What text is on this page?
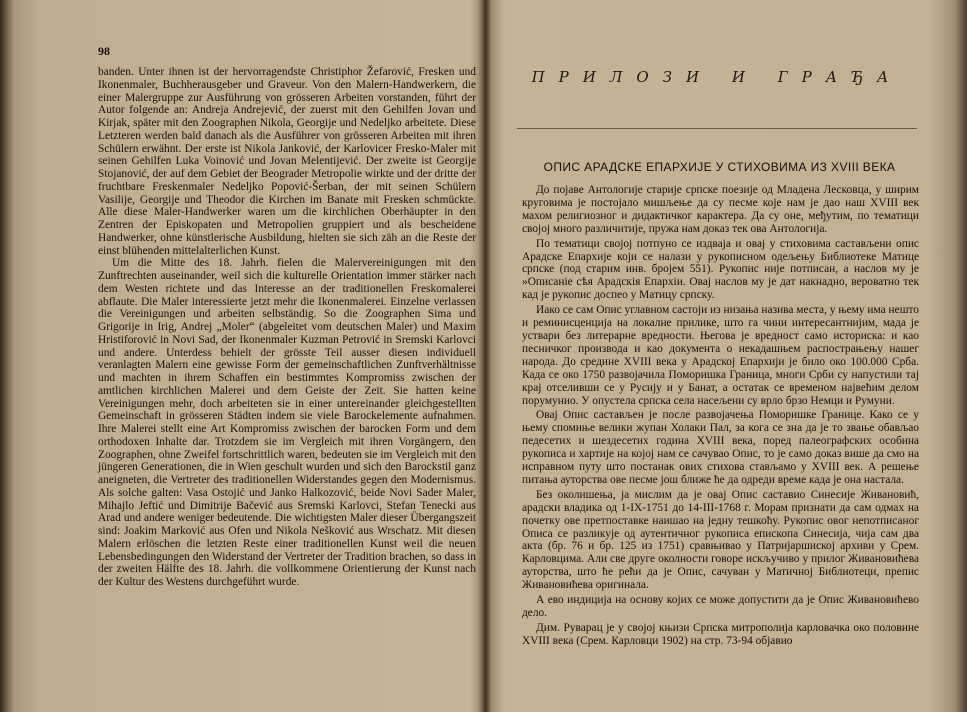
98

banden. Unter ihnen ist der hervorragendste Christiphor Žefarović, Fresken und Ikonenmaler, Buchherausgeber und Graveur. Von den Malern-Handwerkern, die einer Malergruppe zur Ausführung von grösseren Arbeiten vorstanden, führt der Autor folgende an: Andreja Andrejević, der zuerst mit den Gehilfen Jovan und Kirjak, später mit den Zoographen Nikola, Georgije und Nedeljko arbeitete. Diese Letzteren werden bald danach als die Ausführer von grösseren Arbeiten mit ihren Schülern erwähnt. Der erste ist Nikola Janković, der Karlovicer Fresko-Maler mit seinen Gehilfen Luka Voinović und Jovan Melentijević. Der zweite ist Georgije Stojanović, der auf dem Gebiet der Beograder Metropolie wirkte und der dritte der fruchtbare Freskenmaler Nedeljko Popović-Šerban, der mit seinen Schülern Vasilije, Georgije und Theodor die Kirchen im Banate mit Fresken schmückte. Alle diese Maler-Handwerker waren um die kirchlichen Oberhäupter in den Zentren der Episkopaten und Metropolien gruppiert und als bescheidene Handwerker, ohne künstlerische Ausbildung, hielten sie sich zäh an die Reste der einst blühenden mittelalterlichen Kunst.

Um die Mitte des 18. Jahrh. fielen die Malervereinigungen mit den Zunftrechten auseinander, weil sich die kulturelle Orientation immer stärker nach dem Westen richtete und das Interesse an der traditionellen Freskomalerei abflaute. Die Maler interessierte jetzt mehr die Ikonenmalerei. Einzelne verlassen die Vereinigungen und arbeiten selbständig. So die Zoographen Sima und Grigorije in Irig, Andrej „Moler“ (abgeleitet vom deutschen Maler) und Maxim Hristiforović in Novi Sad, der Ikonenmaler Kuzman Petrović in Sremski Karlovci und andere. Unterdess behielt der grösste Teil ausser diesen individuell veranlagten Malern eine gewisse Form der gemeinschaftlichen Zunftverhältnisse und machten in ihrem Schaffen ein bestimmtes Kompromiss zwischen der amtlichen kirchlichen Malerei und dem Geiste der Zeit. Sie hatten keine Vereinigungen mehr, doch arbeiteten sie in einer untereinander gleichgestellten Gemeinschaft in grösseren Städten indem sie viele Barockelemente aufnahmen. Ihre Malerei stellt eine Art Kompromiss zwischen der barocken Form und dem orthodoxen Inhalte dar. Trotzdem sie im Vergleich mit ihren Vorgängern, den Zoographen, ohne Zweifel fortschrittlich waren, bedeuten sie im Vergleich mit den jüngeren Generationen, die in Wien geschult wurden und sich den Barockstil ganz aneigneten, die Vertreter des traditionellen Widerstandes gegen den Modernismus. Als solche galten: Vasa Ostojić und Janko Halkozović, beide Novi Sader Maler, Mihajlo Jeftić und Dimitrije Bačević aus Sremski Karlovci, Stefan Tenecki aus Arad und andere weniger bedeutende. Die wichtigsten Maler dieser Übergangszeit sind: Joakim Marković aus Ofen und Nikola Nešković aus Wrschatz. Mit diesen Malern erlöschen die letzten Reste einer traditionellen Kunst weil die neuen Lebensbedingungen den Widerstand der Vertreter der Tradition brachen, so dass in der zweiten Hälfte des 18. Jahrh. die vollkommene Orientierung der Kunst nach der Kultur des Westens durchgeführt wurde.

ПРИЛОЗИ И ГРАЂА
ОПИС АРАДСКЕ ЕПАРХИЈЕ У СТИХОВИМА ИЗ XVIII ВЕКА

До појаве Антологије старије српске поезије од Младена Лесковца, у ширим круговима је постојало мишљење да су песме које нам је дао наш XVIII век махом религиозног и дидактичког карактера. Да су оне, међутим, по тематици својој много различитије, пружа нам доказ тек ова Антологија.

По тематици својој потпуно се издваја и овај у стиховима састављени опис Арадске Епархије који се налази у рукописном одељењу Библиотеке Матице српске (под старим инв. бројем 551). Рукопис није потписан, а наслов му је »Описаніе сѣя Арадскія Епархіи. Овај наслов му је дат накнадно, вероватно тек кад је рукопис доспео у Матицу српску.

Иако се сам Опис углавном састоји из низања назива места, у њему има нешто и реминисценција на локалне прилике, што га чини интересантнијим, мада је уствари без литерарне вредности. Његова је вредност само историска: и као песничког производа и као документа о некадашњем распострањењу нашег народа. До средине XVIII века у Арадској Епархији је било око 100.000 Срба. Када се око 1750 развојачила Поморишка Граница, многи Срби су напустили тај крај отселивши се у Русију и у Банат, а остатак се временом највећим делом порумунио. У опустела српска села насељени су врло брзо Немци и Румуни.

Овај Опис састављен је после развојачења Поморишке Границе. Како се у њему спомиње велики жупан Холаки Пал, за кога се зна да је то звање обављао педесетих и шездесетих година XVIII века, поред палеографских особина рукописа и хартије на којој нам се сачувао Опис, то је само доказ више да смо на исправном путу што постанак ових стихова стављамо у XVIII век. А решење питања ауторства ове песме још ближе ће да одреди време када је она настала.

Без околишења, ја мислим да је овај Опис саставио Синесије Живановић, арадски владика од 1-IX-1751 до 14-III-1768 г. Морам признати да сам одмах на почетку ове претпоставке наишао на једну тешкоћу. Рукопис овог непотписаног Описа се разликује од аутентичног рукописа епископа Синесија, чија сам два акта (бр. 76 и бр. 125 из 1751) сравњивао у Патријаршиској архиви у Срем. Карловцима. Али све друге околности говоре искључиво у прилог Живановићева ауторства, што ће рећи да је Опис, сачуван у Матичној Библиотеци, препис Живановићева оригинала.

А ево индиција на основу којих се може допустити да је Опис Живановићево дело.

Дим. Руварац је у својој књизи Српска митрополија карловачка око половине XVIII века (Срем. Карловци 1902) на стр. 73-94 објавио
